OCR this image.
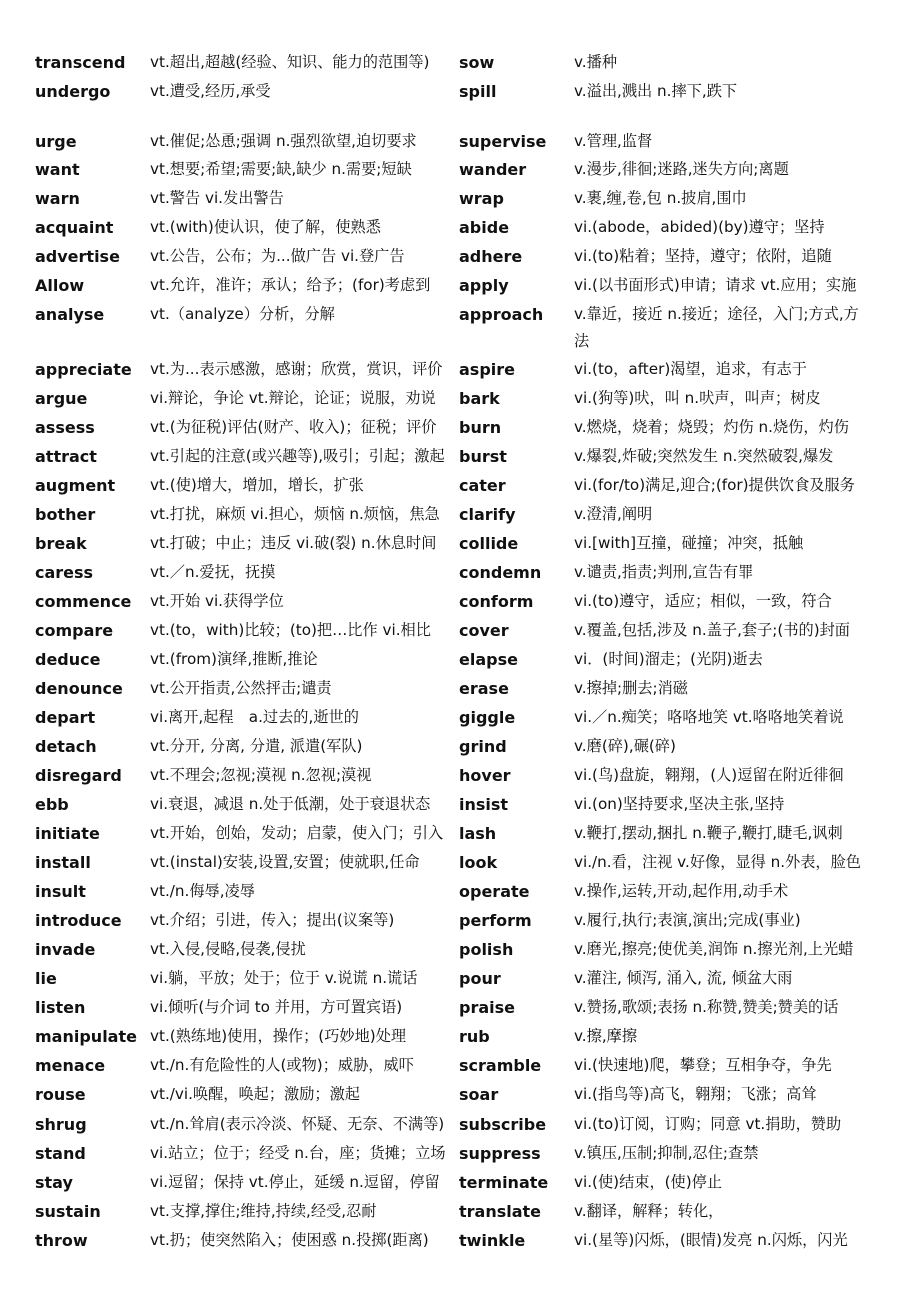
transcend	vt.超出,超越(经验、知识、能力的范围等)	sow	v.播种
undergo	vt.遭受,经历,承受	spill	v.溢出,溅出 n.摔下,跌下
urge	vt.催促;怂恿;强调 n.强烈欲望,迫切要求	supervise	v.管理,监督
want	vt.想要;希望;需要;缺,缺少 n.需要;短缺	wander	v.漫步,徘徊;迷路,迷失方向;离题
warn	vt.警告 vi.发出警告	wrap	v.裹,缠,卷,包 n.披肩,围巾
acquaint	vt.(with)使认识，使了解，使熟悉	abide	vi.(abode，abided)(by)遵守；坚持
advertise	vt.公告，公布；为...做广告 vi.登广告	adhere	vi.(to)粘着；坚持，遵守；依附，追随
Allow	vt.允许，准许；承认；给予；(for)考虑到	apply	vi.(以书面形式)申请；请求 vt.应用；实施
analyse	vt.（analyze）分析，分解	approach	v.靠近，接近 n.接近；途径，入门;方式,方法
appreciate	vt.为...表示感激，感谢；欣赏，赏识，评价	aspire	vi.(to，after)渴望，追求，有志于
argue	vi.辩论，争论 vt.辩论，论证；说服，劝说	bark	vi.(狗等)吠，叫 n.吠声，叫声；树皮
assess	vt.(为征税)评估(财产、收入)；征税；评价	burn	v.燃烧，烧着；烧毁；灼伤 n.烧伤，灼伤
attract	vt.引起的注意(或兴趣等),吸引；引起；激起 burst	v.爆裂,炸破;突然发生 n.突然破裂,爆发
augment	vt.(使)增大，增加，增长，扩张	cater	vi.(for/to)满足,迎合;(for)提供饮食及服务
bother	vt.打扰，麻烦 vi.担心，烦恼 n.烦恼，焦急	clarify	v.澄清,阐明
break	vt.打破；中止；违反 vi.破(裂) n.休息时间	collide	vi.[with]互撞，碰撞；冲突，抵触
caress	vt.／n.爱抚，抚摸	condemn	v.谴责,指责;判刑,宣告有罪
commence	vt.开始 vi.获得学位	conform	vi.(to)遵守，适应；相似，一致，符合
compare	vt.(to，with)比较；(to)把…比作 vi.相比	cover	v.覆盖,包括,涉及 n.盖子,套子;(书的)封面
deduce	vt.(from)演绎,推断,推论	elapse	vi．(时间)溜走；(光阴)逝去
denounce	vt.公开指责,公然抨击;谴责	erase	v.擦掉;删去;消磁
depart	vi.离开,起程　a.过去的,逝世的	giggle	vi.／n.痴笑；咯咯地笑 vt.咯咯地笑着说
detach	vt.分开, 分离, 分遣, 派遣(军队)	grind	v.磨(碎),碾(碎)
disregard	vt.不理会;忽视;漠视 n.忽视;漠视	hover	vi.(鸟)盘旋，翱翔，(人)逗留在附近徘徊
ebb	vi.衰退，减退 n.处于低潮，处于衰退状态	insist	vi.(on)坚持要求,坚决主张,坚持
initiate	vt.开始，创始，发动；启蒙，使入门；引入 lash	v.鞭打,摆动,捆扎 n.鞭子,鞭打,睫毛,讽刺
install	vt.(instal)安装,设置,安置；使就职,任命	look	vi./n.看，注视 v.好像，显得 n.外表，脸色
insult	vt./n.侮辱,凌辱	operate	v.操作,运转,开动,起作用,动手术
introduce	vt.介绍；引进，传入；提出(议案等)	perform	v.履行,执行;表演,演出;完成(事业)
invade	vt.入侵,侵略,侵袭,侵扰	polish	v.磨光,擦亮;使优美,润饰 n.擦光剂,上光蜡
lie	vi.躺，平放；处于；位于 v.说谎 n.谎话	pour	v.灌注, 倾泻, 涌入, 流, 倾盆大雨
listen	vi.倾听(与介词 to 并用，方可置宾语)	praise	v.赞扬,歌颂;表扬 n.称赞,赞美;赞美的话
manipulate vt.(熟练地)使用，操作；(巧妙地)处理	rub	v.擦,摩擦
menace	vt./n.有危险性的人(或物)；威胁，威吓	scramble	vi.(快速地)爬，攀登；互相争夺，争先
rouse	vt./vi.唤醒，唤起；激励；激起	soar	vi.(指鸟等)高飞，翱翔；飞涨；高耸
shrug	vt./n.耸肩(表示冷淡、怀疑、无奈、不满等) subscribe	vi.(to)订阅，订购；同意 vt.捐助，赞助
stand	vi.站立；位于；经受 n.台，座；货摊；立场 suppress	v.镇压,压制;抑制,忍住;查禁
stay	vi.逗留；保持 vt.停止，延缓 n.逗留，停留	terminate	vi.(使)结束，(使)停止
sustain	vt.支撑,撑住;维持,持续,经受,忍耐	translate	v.翻译，解释；转化，
throw	vt.扔；使突然陷入；使困惑 n.投掷(距离)	twinkle	vi.(星等)闪烁，(眼情)发亮 n.闪烁，闪光
